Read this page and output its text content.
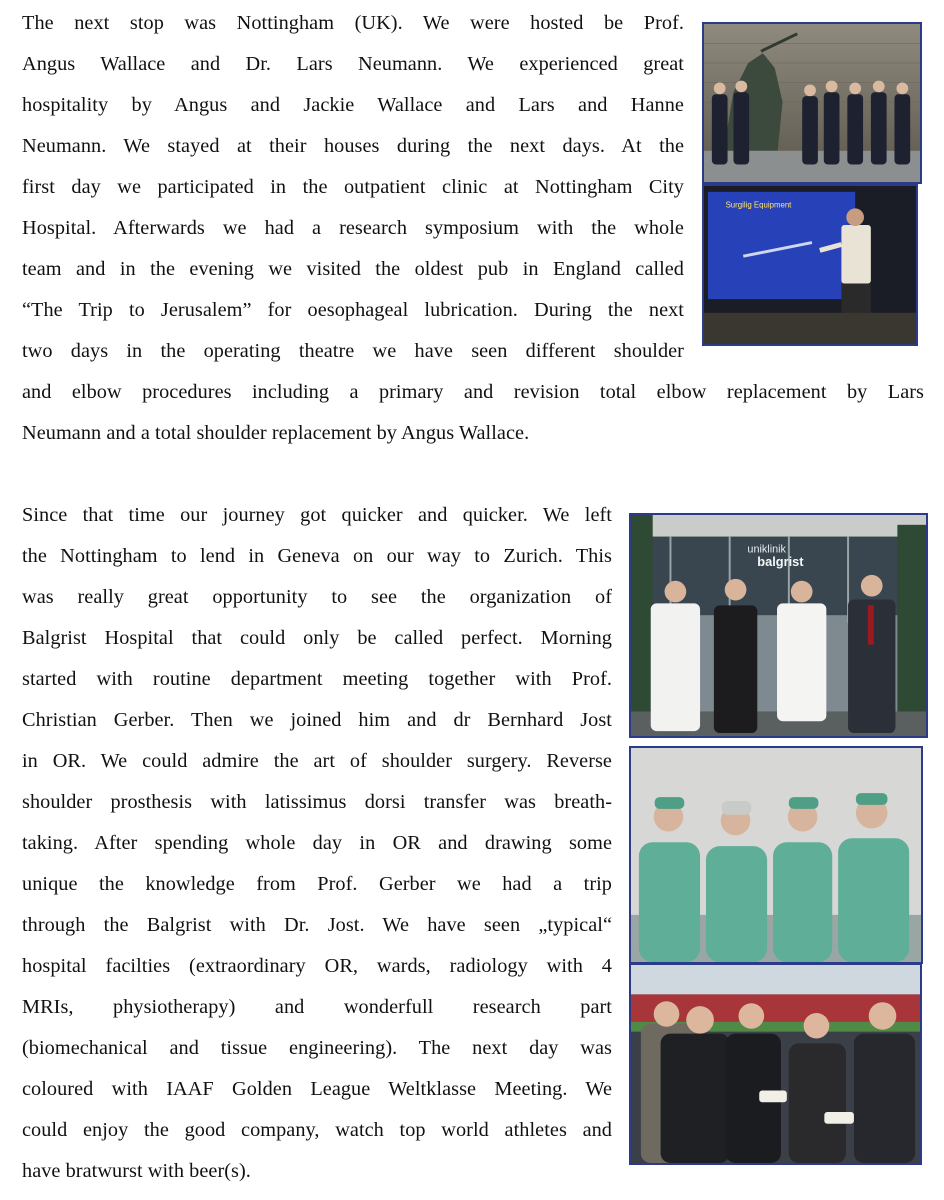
The next stop was Nottingham (UK). We were hosted be Prof.
Angus Wallace and Dr. Lars Neumann. We experienced great
hospitality by Angus and Jackie Wallace and Lars and Hanne
Neumann. We stayed at their houses during the next days. At the
first day we participated in the outpatient clinic at Nottingham City
Hospital. Afterwards we had a research symposium with the whole
team and in the evening we visited the oldest pub in England called
“The Trip to Jerusalem” for oesophageal lubrication. During the next
two days in the operating theatre we have seen different shoulder
and elbow procedures including a primary and revision total elbow replacement by Lars
Neumann and a total shoulder replacement by Angus Wallace.
Since that time our journey got quicker and quicker. We left
the Nottingham to lend in Geneva on our way to Zurich. This
was really great opportunity to see the organization of
Balgrist Hospital that could only be called perfect. Morning
started with routine department meeting together with Prof.
Christian Gerber. Then we joined him and dr Bernhard Jost
in OR. We could admire the art of shoulder surgery. Reverse
shoulder prosthesis with latissimus dorsi transfer was breath-
taking. After spending whole day in OR and drawing some
unique the knowledge from Prof. Gerber we had a trip
through the Balgrist with Dr. Jost. We have seen „typical“
hospital facilties (extraordinary OR, wards, radiology with 4
MRIs, physiotherapy) and wonderfull research part
(biomechanical and tissue engineering). The next day was
coloured with IAAF Golden League Weltklasse Meeting. We
could enjoy the good company, watch top world athletes and
have bratwurst with beer(s).
Surgilig Equipment
uniklinik
balgrist
